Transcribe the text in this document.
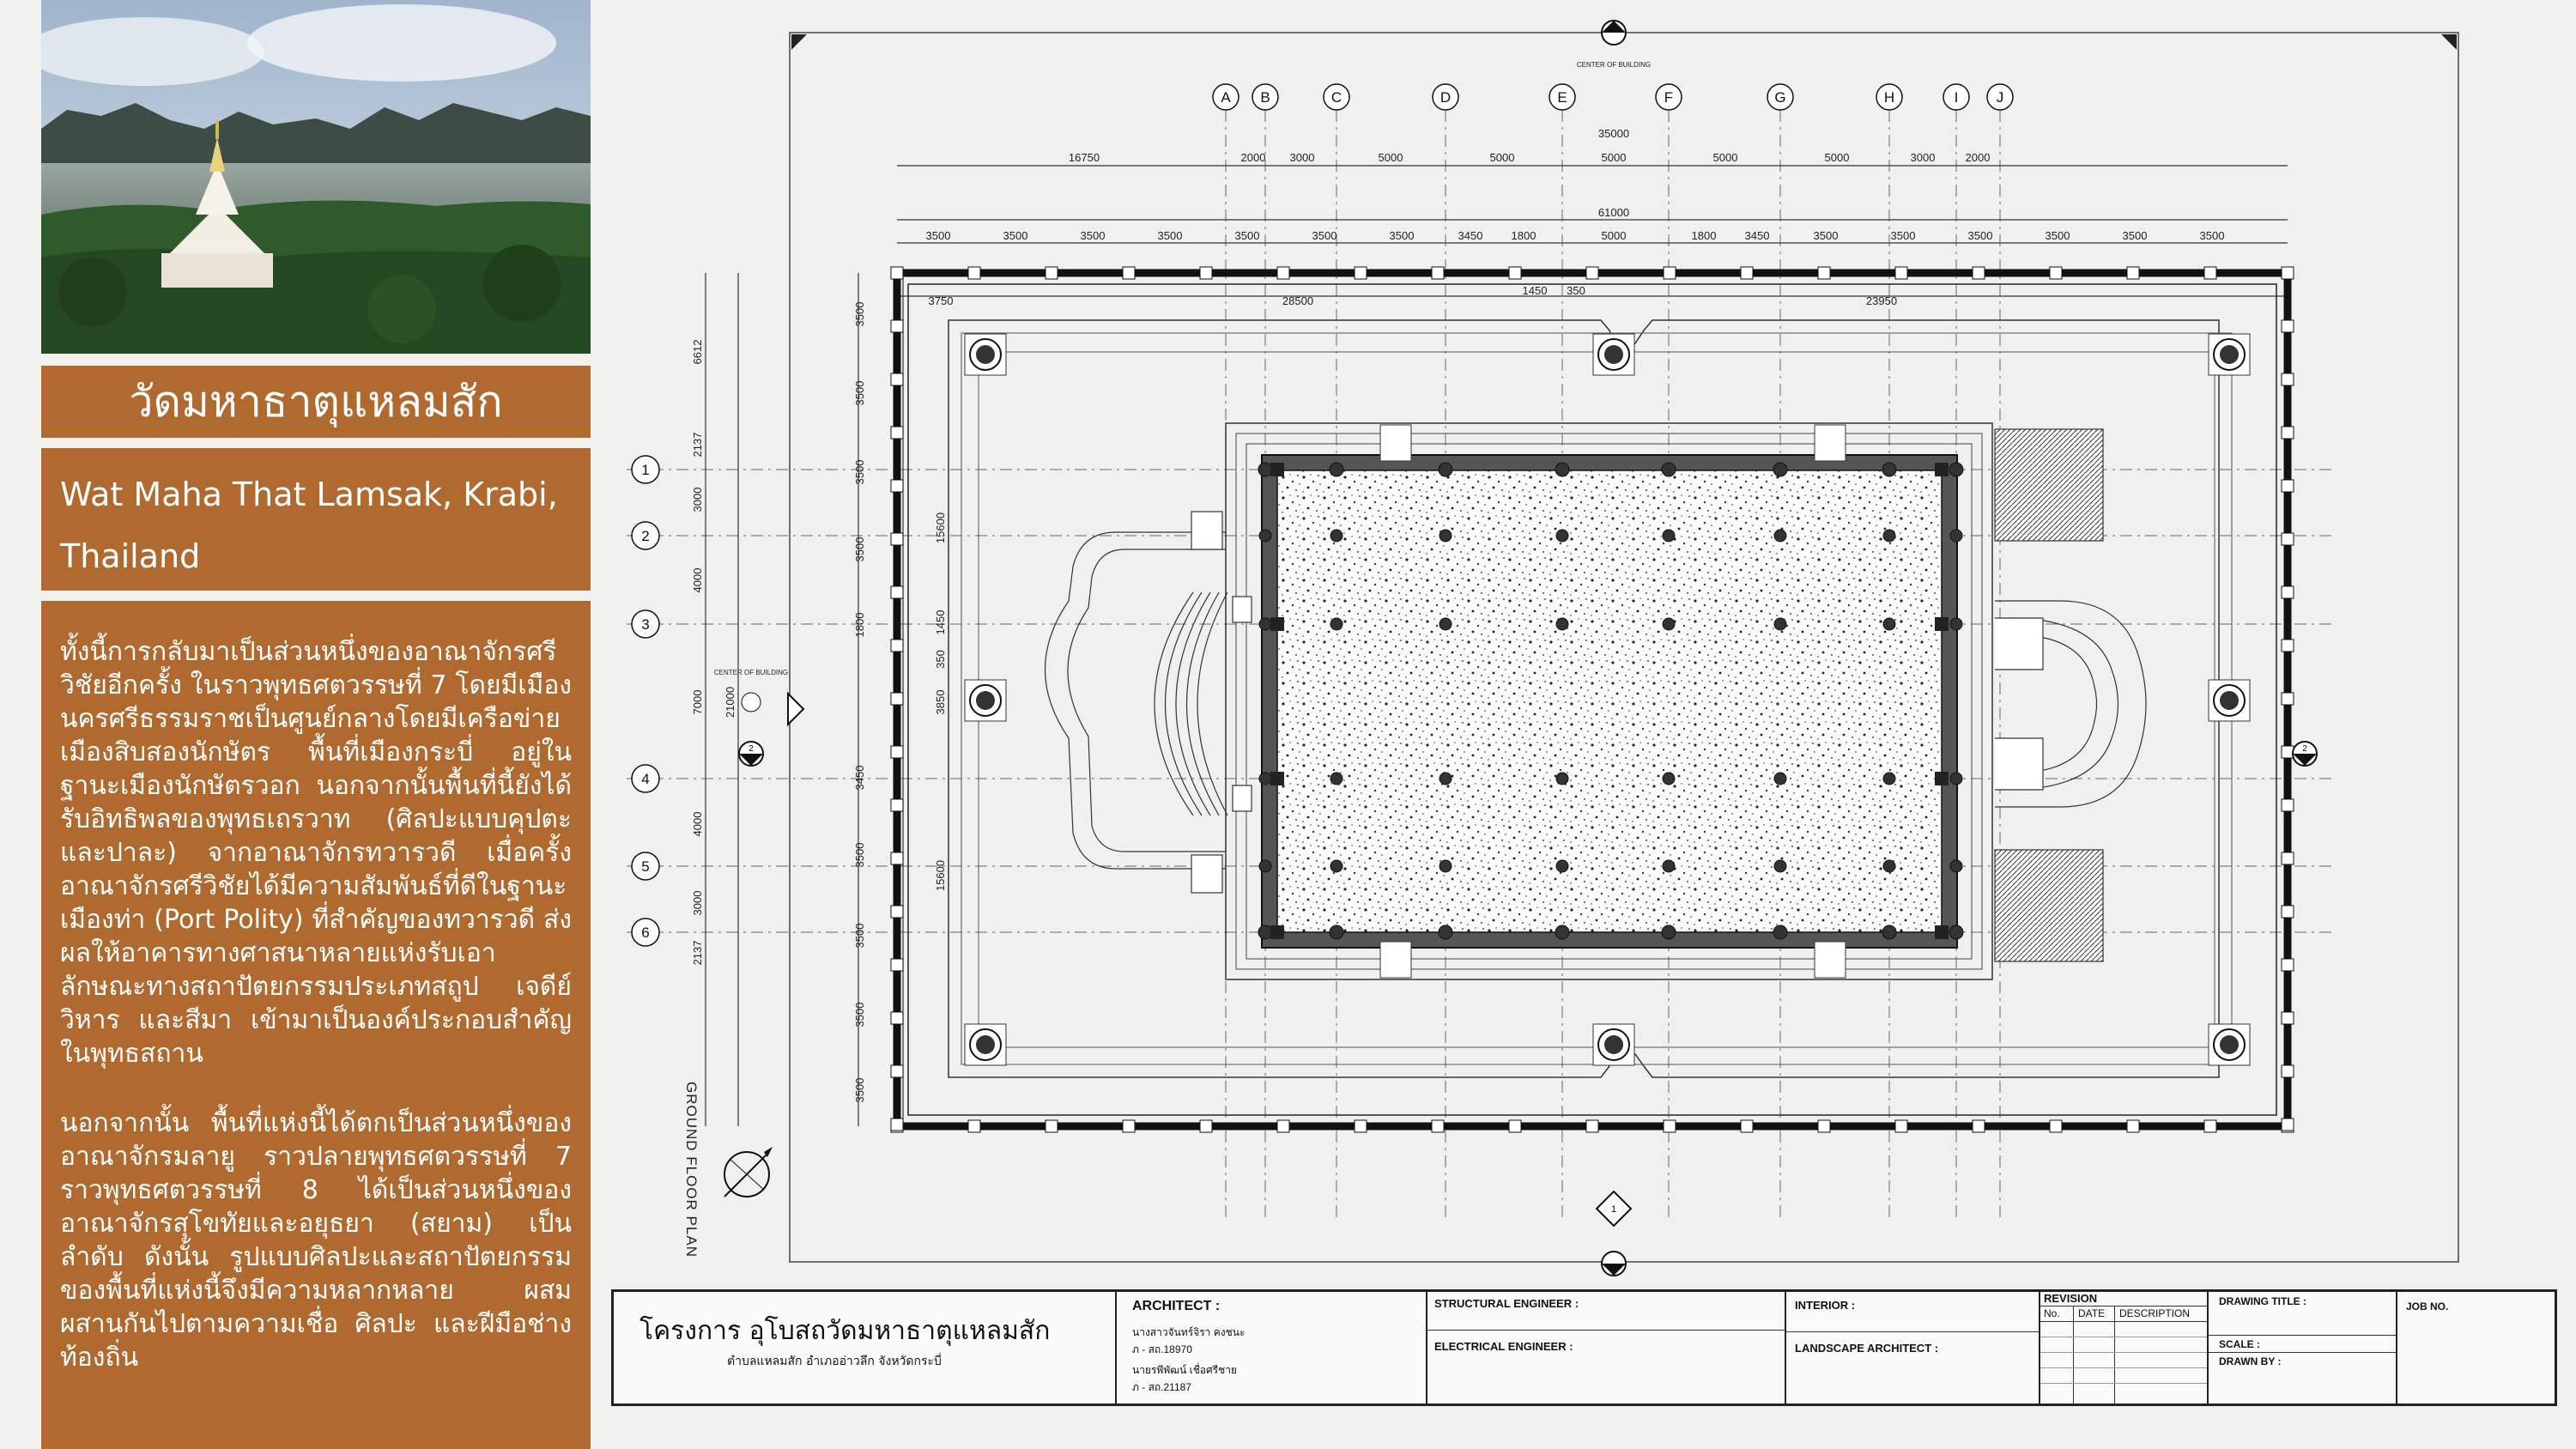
วัดมหาธาตุแหลมสัก
Wat Maha That Lamsak, Krabi, Thailand

ทั้งนี้การกลับมาเป็นส่วนหนึ่งของอาณาจักรศรีวิชัยอีกครั้ง ในราวพุทธศตวรรษที่ 7 โดยมีเมืองนครศรีธรรมราชเป็นศูนย์กลางโดยมีเครือข่ายเมืองสิบสองนักษัตร พื้นที่เมืองกระบี่ อยู่ในฐานะเมืองนักษัตรวอก นอกจากนั้นพื้นที่นี้ยังได้รับอิทธิพลของพุทธเถรวาท (ศิลปะแบบคุปตะและปาละ) จากอาณาจักรทวารวดี เมื่อครั้งอาณาจักรศรีวิชัยได้มีความสัมพันธ์ที่ดีในฐานะเมืองท่า (Port Polity) ที่สำคัญของทวารวดี ส่งผลให้อาคารทางศาสนาหลายแห่งรับเอาลักษณะทางสถาปัตยกรรมประเภทสถูป เจดีย์ วิหาร และสีมา เข้ามาเป็นองค์ประกอบสำคัญในพุทธสถาน

นอกจากนั้น พื้นที่แห่งนี้ได้ตกเป็นส่วนหนึ่งของอาณาจักรมลายู ราวปลายพุทธศตวรรษที่ 7 ราวพุทธศตวรรษที่ 8 ได้เป็นส่วนหนึ่งของอาณาจักรสุโขทัยและอยุธยา (สยาม) เป็นลำดับ ดังนั้น รูปแบบศิลปะและสถาปัตยกรรมของพื้นที่แห่งนี้จึงมีความหลากหลาย ผสมผสานกันไปตามความเชื่อ ศิลปะ และฝีมือช่างท้องถิ่น

16750	2000 3000	5000	5000	5000	5000	5000	3000	2000
35000
61000
3500	3500	3500	3500	3500	3500	3500	3450	1800	5000	1800	3450	3500	3500	3500	3500	3500	3500
3750	28500	23950
1450 350
6612
2137
3000
4000
7000
4000
3000
2137
21000
3500
3500
3500
3500
1800
3450
3500
3500
3500
3500
15600
1450
350
3850
15600
A B	C	D	E	F	G	H	I	J
1
2
3
4
5
6
2	2
1
CENTER OF BUILDING
CENTER OF BUILDING
GROUND FLOOR PLAN
โครงการ อุโบสถวัดมหาธาตุแหลมสัก
ตำบลแหลมสัก อำเภออ่าวลึก จังหวัดกระบี่
ARCHITECT :
นางสาวจันทร์จิรา คงชนะ
ภ - สถ.18970
นายรพีพัฒน์ เชื่อศรีชาย
ภ - สถ.21187
STRUCTURAL ENGINEER :
ELECTRICAL ENGINEER :
INTERIOR :
LANDSCAPE ARCHITECT :
REVISION
No. DATE DESCRIPTION
DRAWING TITLE :
SCALE :
DRAWN BY :
JOB NO.
